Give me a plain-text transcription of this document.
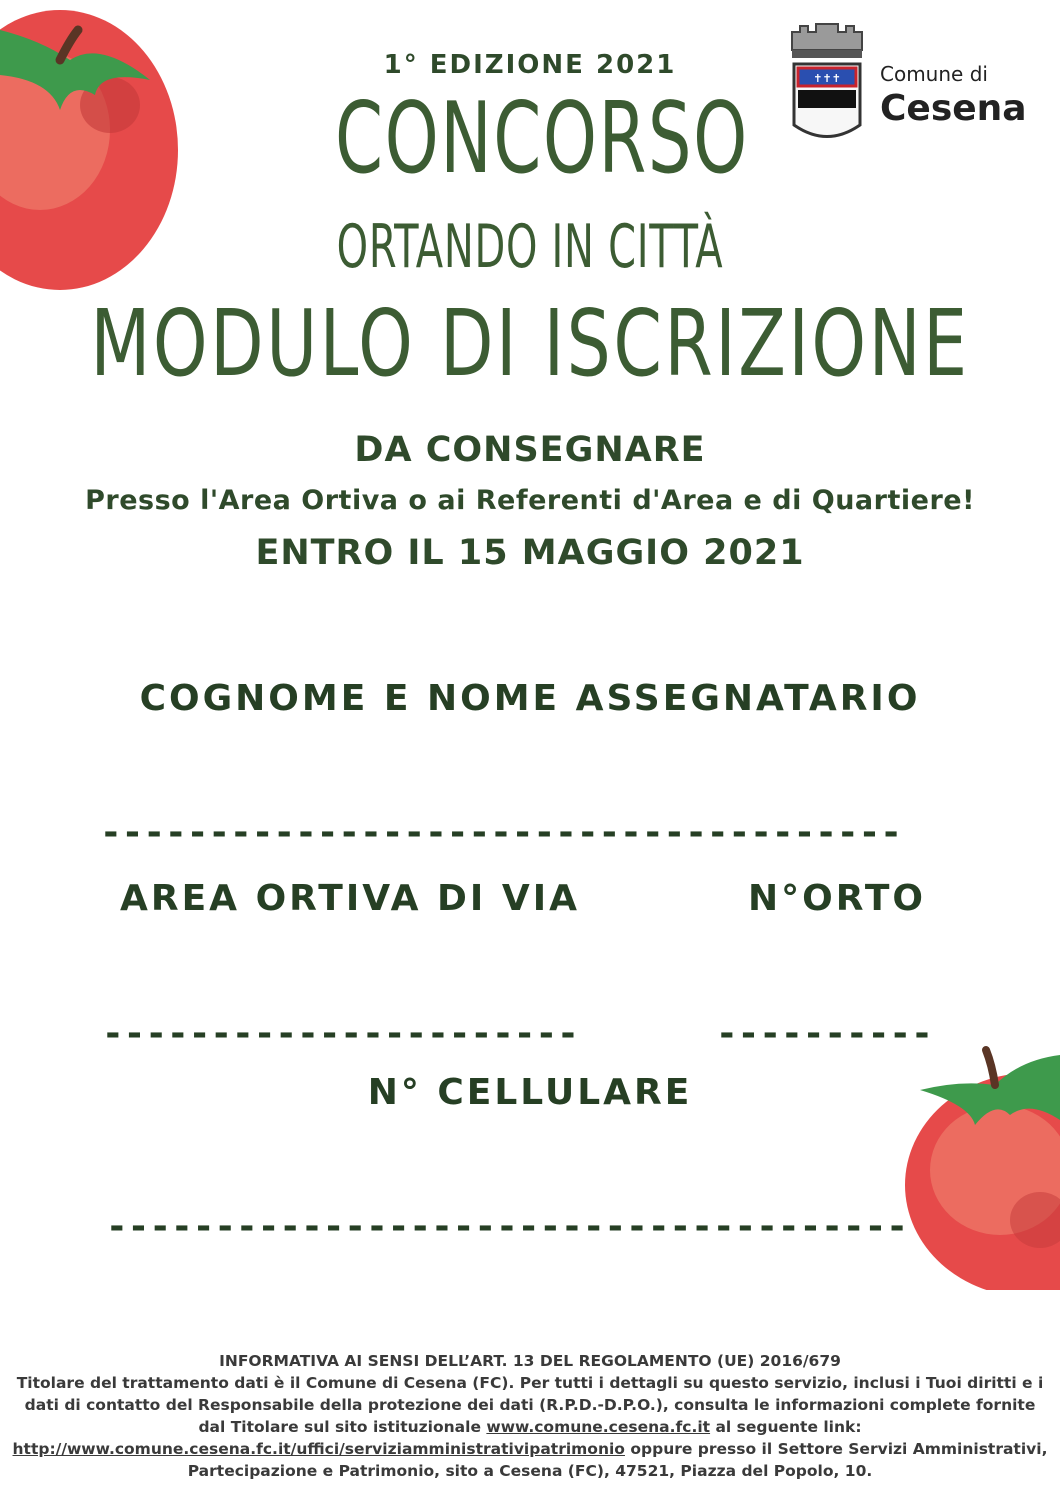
✝✝✝ Comune di
Cesena
1° EDIZIONE 2021
CONCORSO
ORTANDO IN CITTÀ
MODULO DI ISCRIZIONE
DA CONSEGNARE
Presso l'Area Ortiva o ai Referenti d'Area e di Quartiere!
ENTRO IL 15 MAGGIO 2021
COGNOME E NOME ASSEGNATARIO
-------------------------------------
AREA ORTIVA DI VIA	N°ORTO
----------------------	----------
N° CELLULARE
-------------------------------------
INFORMATIVA AI SENSI DELL’ART. 13 DEL REGOLAMENTO (UE) 2016/679
Titolare del trattamento dati è il Comune di Cesena (FC). Per tutti i dettagli su questo servizio, inclusi i Tuoi diritti e i dati di contatto del Responsabile della protezione dei dati (R.P.D.-D.P.O.), consulta le informazioni complete fornite dal Titolare sul sito istituzionale www.comune.cesena.fc.it al seguente link: http://www.comune.cesena.fc.it/uffici/serviziamministrativipatrimonio oppure presso il Settore Servizi Amministrativi, Partecipazione e Patrimonio, sito a Cesena (FC), 47521, Piazza del Popolo, 10.
